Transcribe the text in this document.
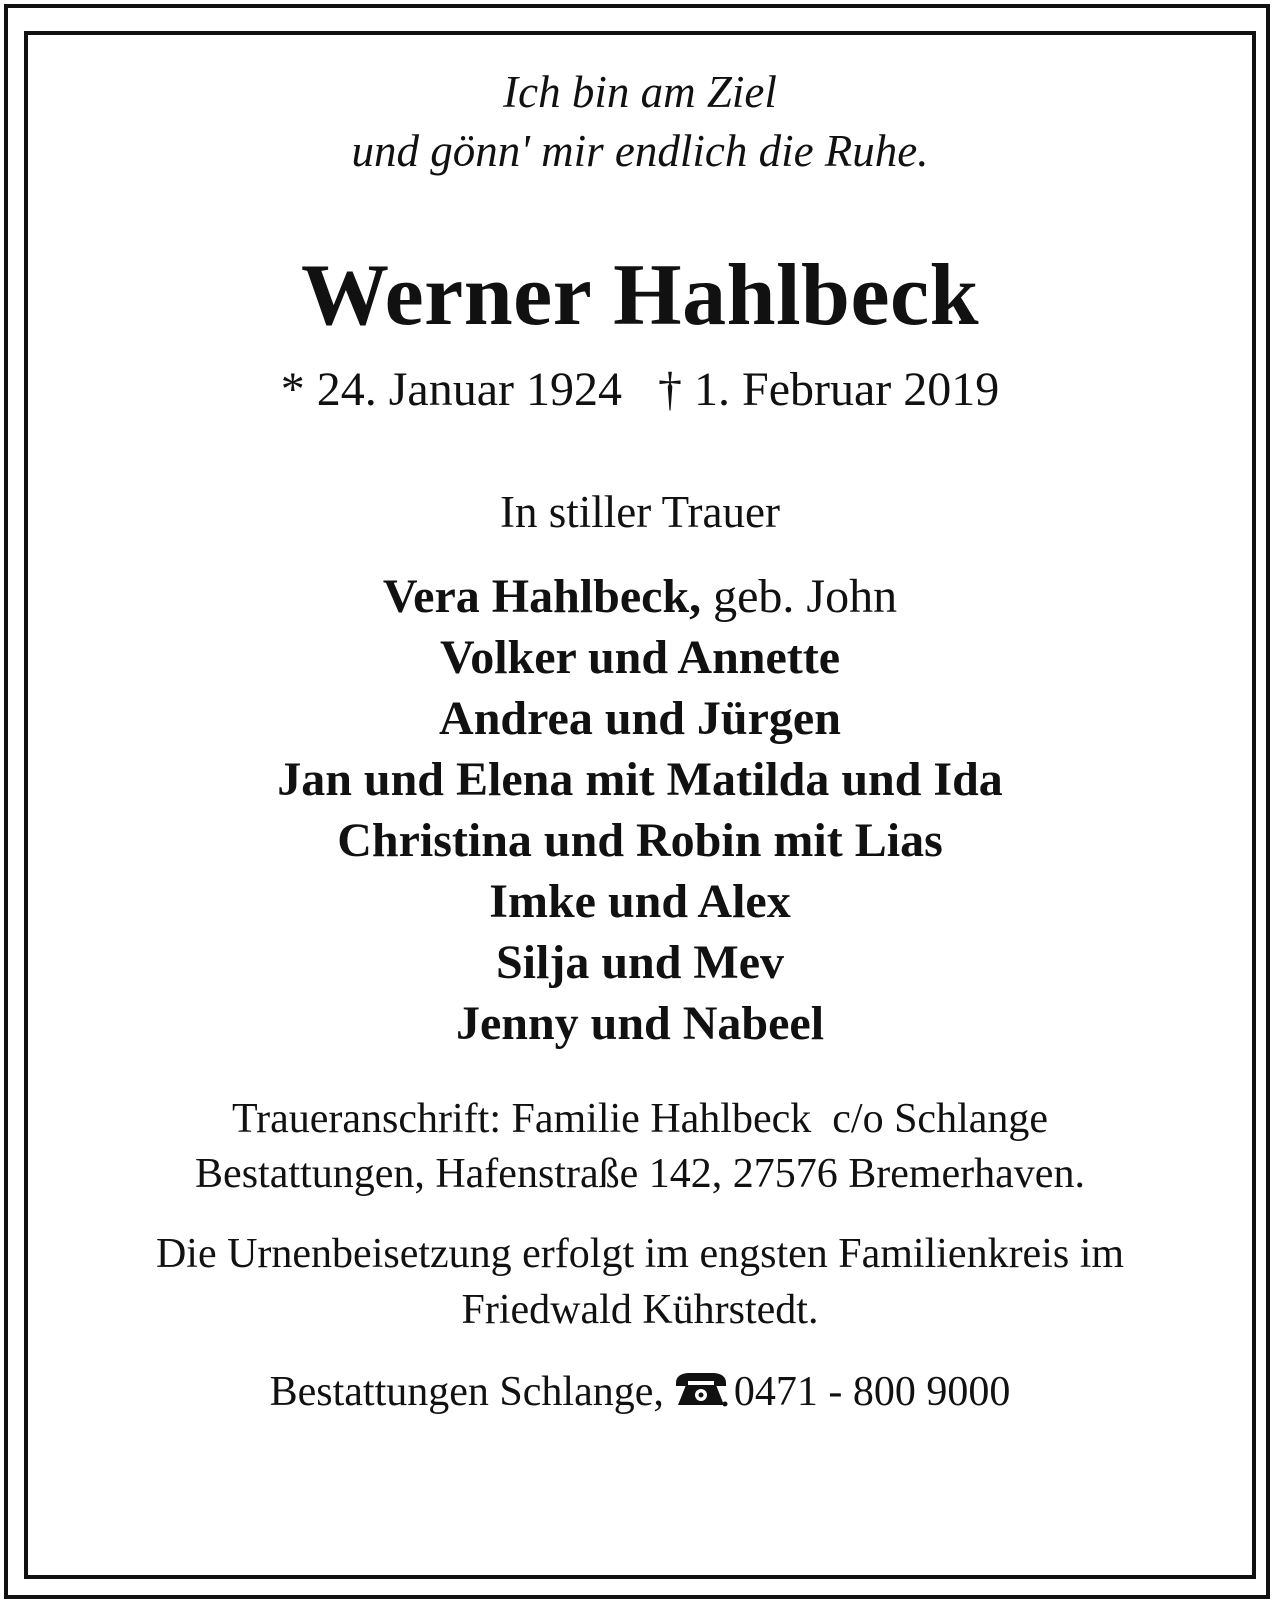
Ich bin am Ziel
und gönn' mir endlich die Ruhe.
Werner Hahlbeck
* 24. Januar 1924 † 1. Februar 2019
In stiller Trauer
Vera Hahlbeck, geb. John
Volker und Annette
Andrea und Jürgen
Jan und Elena mit Matilda und Ida
Christina und Robin mit Lias
Imke und Alex
Silja und Mev
Jenny und Nabeel
Traueranschrift: Familie Hahlbeck  c/o Schlange
Bestattungen, Hafenstraße 142, 27576 Bremerhaven.
Die Urnenbeisetzung erfolgt im engsten Familienkreis im
Friedwald Kührstedt.
Bestattungen Schlange, 0471 - 800 9000
